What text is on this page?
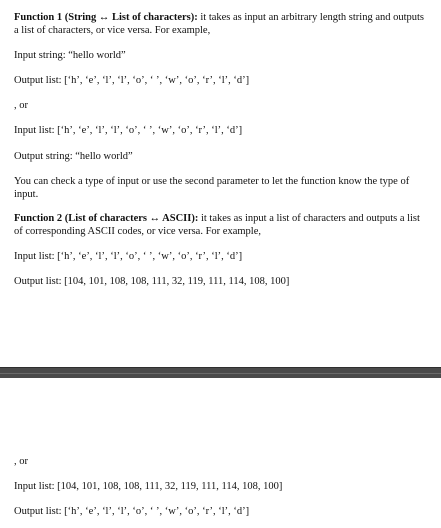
Function 1 (String ↔ List of characters): it takes as input an arbitrary length string and outputs a list of characters, or vice versa. For example,

Input string: “hello world”

Output list: [‘h’, ‘e’, ‘l’, ‘l’, ‘o’, ‘ ’, ‘w’, ‘o’, ‘r’, ‘l’, ‘d’]

, or

Input list: [‘h’, ‘e’, ‘l’, ‘l’, ‘o’, ‘ ’, ‘w’, ‘o’, ‘r’, ‘l’, ‘d’]

Output string: “hello world”

You can check a type of input or use the second parameter to let the function know the type of input.

Function 2 (List of characters ↔ ASCII): it takes as input a list of characters and outputs a list of corresponding ASCII codes, or vice versa. For example,

Input list: [‘h’, ‘e’, ‘l’, ‘l’, ‘o’, ‘ ’, ‘w’, ‘o’, ‘r’, ‘l’, ‘d’]

Output list: [104, 101, 108, 108, 111, 32, 119, 111, 114, 108, 100]

, or

Input list: [104, 101, 108, 108, 111, 32, 119, 111, 114, 108, 100]

Output list: [‘h’, ‘e’, ‘l’, ‘l’, ‘o’, ‘ ’, ‘w’, ‘o’, ‘r’, ‘l’, ‘d’]
